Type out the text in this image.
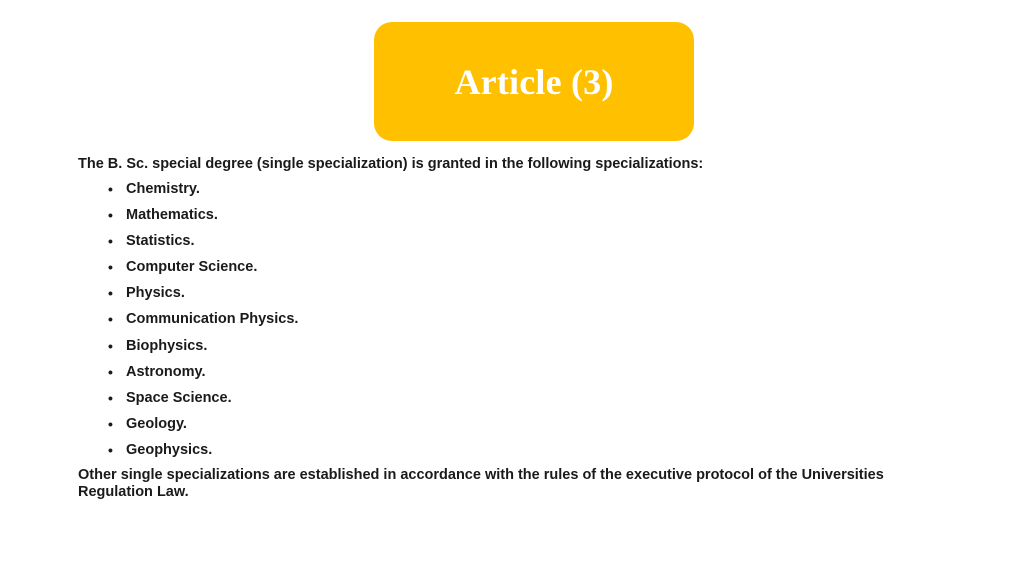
Article (3)

The B. Sc. special degree (single specialization) is granted in the following specializations:

• Chemistry.
• Mathematics.
• Statistics.
• Computer Science.
• Physics.
• Communication Physics.
• Biophysics.
• Astronomy.
• Space Science.
• Geology.
• Geophysics.

Other single specializations are established in accordance with the rules of the executive protocol of the Universities Regulation Law.
